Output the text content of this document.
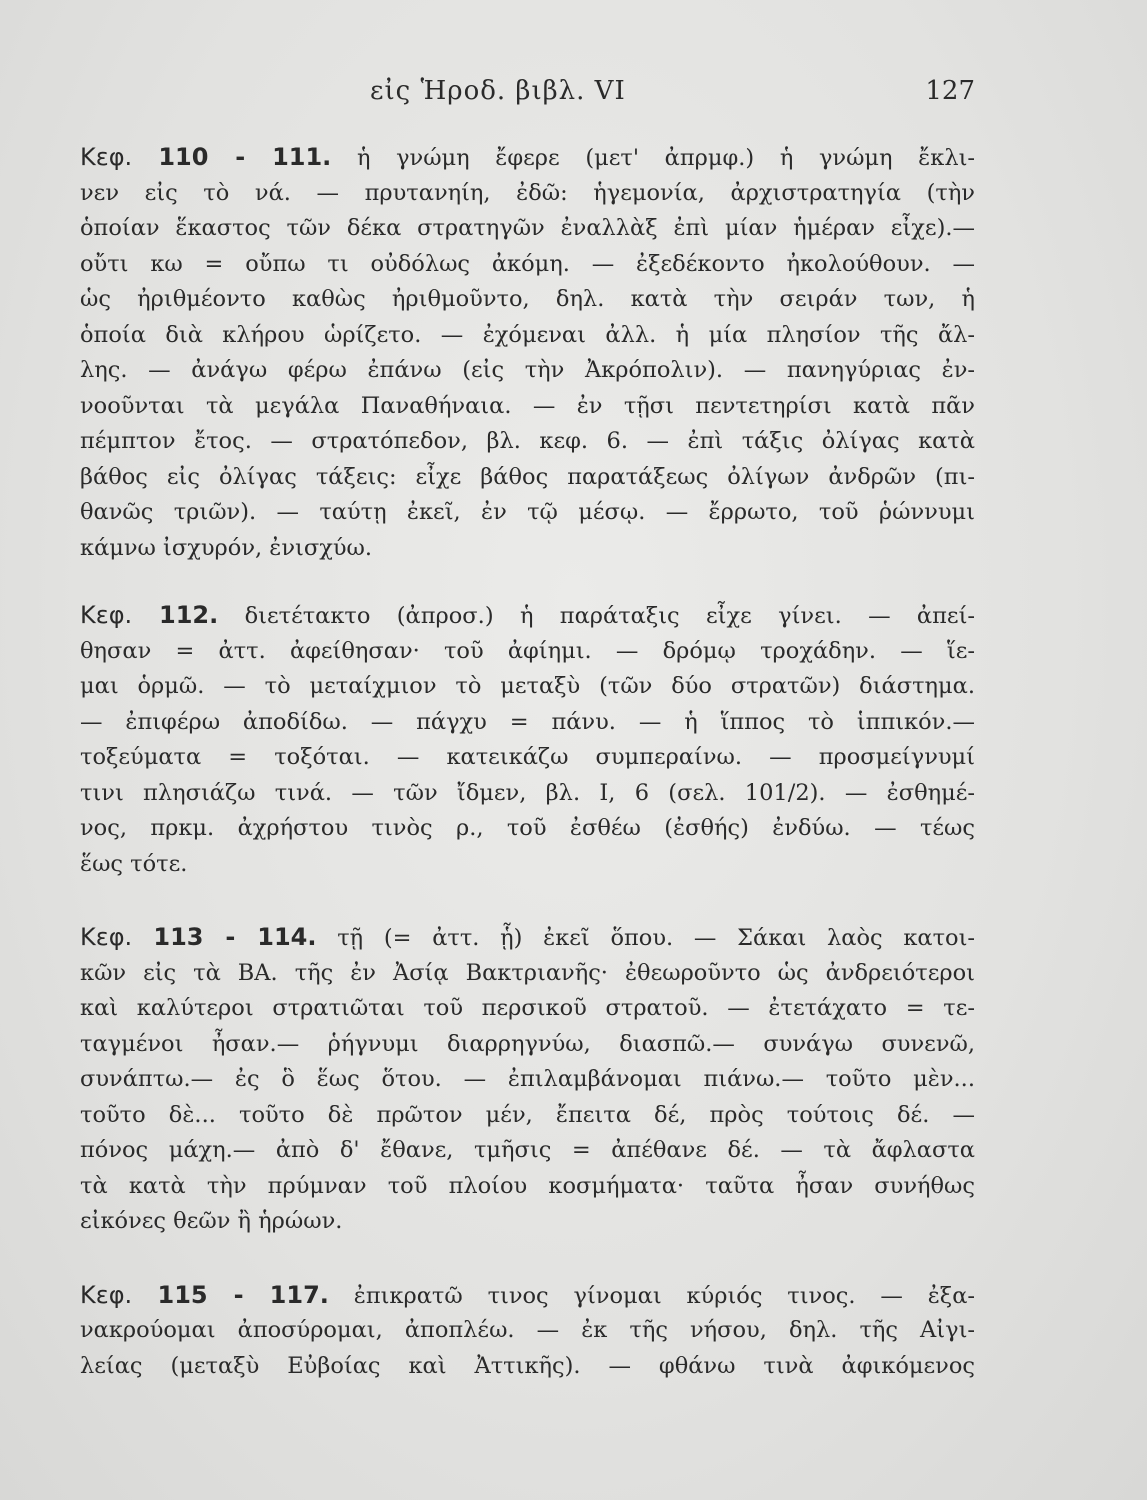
εἰς Ἡροδ. βιβλ. VI	127
Κεφ. 110 - 111. ἡ γνώμη ἔφερε (μετ' ἀπρμφ.) ἡ γνώμη ἔκλι-
νεν εἰς τὸ νά. — πρυτανηίη, ἐδῶ: ἡγεμονία, ἀρχιστρατηγία (τὴν
ὁποίαν ἕκαστος τῶν δέκα στρατηγῶν ἐναλλὰξ ἐπὶ μίαν ἡμέραν εἶχε).—
οὔτι κω = οὔπω τι οὐδόλως ἀκόμη. — ἐξεδέκοντο ἠκολούθουν. —
ὡς ἠριθμέοντο καθὼς ἠριθμοῦντο, δηλ. κατὰ τὴν σειράν των, ἡ
ὁποία διὰ κλήρου ὡρίζετο. — ἐχόμεναι ἀλλ. ἡ μία πλησίον τῆς ἄλ-
λης. — ἀνάγω φέρω ἐπάνω (εἰς τὴν Ἀκρόπολιν). — πανηγύριας ἐν-
νοοῦνται τὰ μεγάλα Παναθήναια. — ἐν τῇσι πεντετηρίσι κατὰ πᾶν
πέμπτον ἔτος. — στρατόπεδον, βλ. κεφ. 6. — ἐπὶ τάξις ὀλίγας κατὰ
βάθος εἰς ὀλίγας τάξεις: εἶχε βάθος παρατάξεως ὀλίγων ἀνδρῶν (πι-
θανῶς τριῶν). — ταύτῃ ἐκεῖ, ἐν τῷ μέσῳ. — ἔρρωτο, τοῦ ῥώννυμι
κάμνω ἰσχυρόν, ἐνισχύω.
Κεφ. 112. διετέτακτο (ἀπροσ.) ἡ παράταξις εἶχε γίνει. — ἀπεί-
θησαν = ἀττ. ἀφείθησαν· τοῦ ἀφίημι. — δρόμῳ τροχάδην. — ἵε-
μαι ὁρμῶ. — τὸ μεταίχμιον τὸ μεταξὺ (τῶν δύο στρατῶν) διάστημα.
— ἐπιφέρω ἀποδίδω. — πάγχυ = πάνυ. — ἡ ἵππος τὸ ἱππικόν.—
τοξεύματα = τοξόται. — κατεικάζω συμπεραίνω. — προσμείγνυμί
τινι πλησιάζω τινά. — τῶν ἴδμεν, βλ. I, 6 (σελ. 101/2). — ἐσθημέ-
νος, πρκμ. ἀχρήστου τινὸς ρ., τοῦ ἐσθέω (ἐσθής) ἐνδύω. — τέως
ἕως τότε.
Κεφ. 113 - 114. τῇ (= ἀττ. ᾗ) ἐκεῖ ὅπου. — Σάκαι λαὸς κατοι-
κῶν εἰς τὰ ΒΑ. τῆς ἐν Ἀσίᾳ Βακτριανῆς· ἐθεωροῦντο ὡς ἀνδρειότεροι
καὶ καλύτεροι στρατιῶται τοῦ περσικοῦ στρατοῦ. — ἐτετάχατο = τε-
ταγμένοι ἦσαν.— ῥήγνυμι διαρρηγνύω, διασπῶ.— συνάγω συνενῶ,
συνάπτω.— ἐς ὃ ἕως ὅτου. — ἐπιλαμβάνομαι πιάνω.— τοῦτο μὲν...
τοῦτο δὲ... τοῦτο δὲ πρῶτον μέν, ἔπειτα δέ, πρὸς τούτοις δέ. —
πόνος μάχη.— ἀπὸ δ' ἔθανε, τμῆσις = ἀπέθανε δέ. — τὰ ἄφλαστα
τὰ κατὰ τὴν πρύμναν τοῦ πλοίου κοσμήματα· ταῦτα ἦσαν συνήθως
εἰκόνες θεῶν ἢ ἡρώων.
Κεφ. 115 - 117. ἐπικρατῶ τινος γίνομαι κύριός τινος. — ἐξα-
νακρούομαι ἀποσύρομαι, ἀποπλέω. — ἐκ τῆς νήσου, δηλ. τῆς Αἰγι-
λείας (μεταξὺ Εὐβοίας καὶ Ἀττικῆς). — φθάνω τινὰ ἀφικόμενος
